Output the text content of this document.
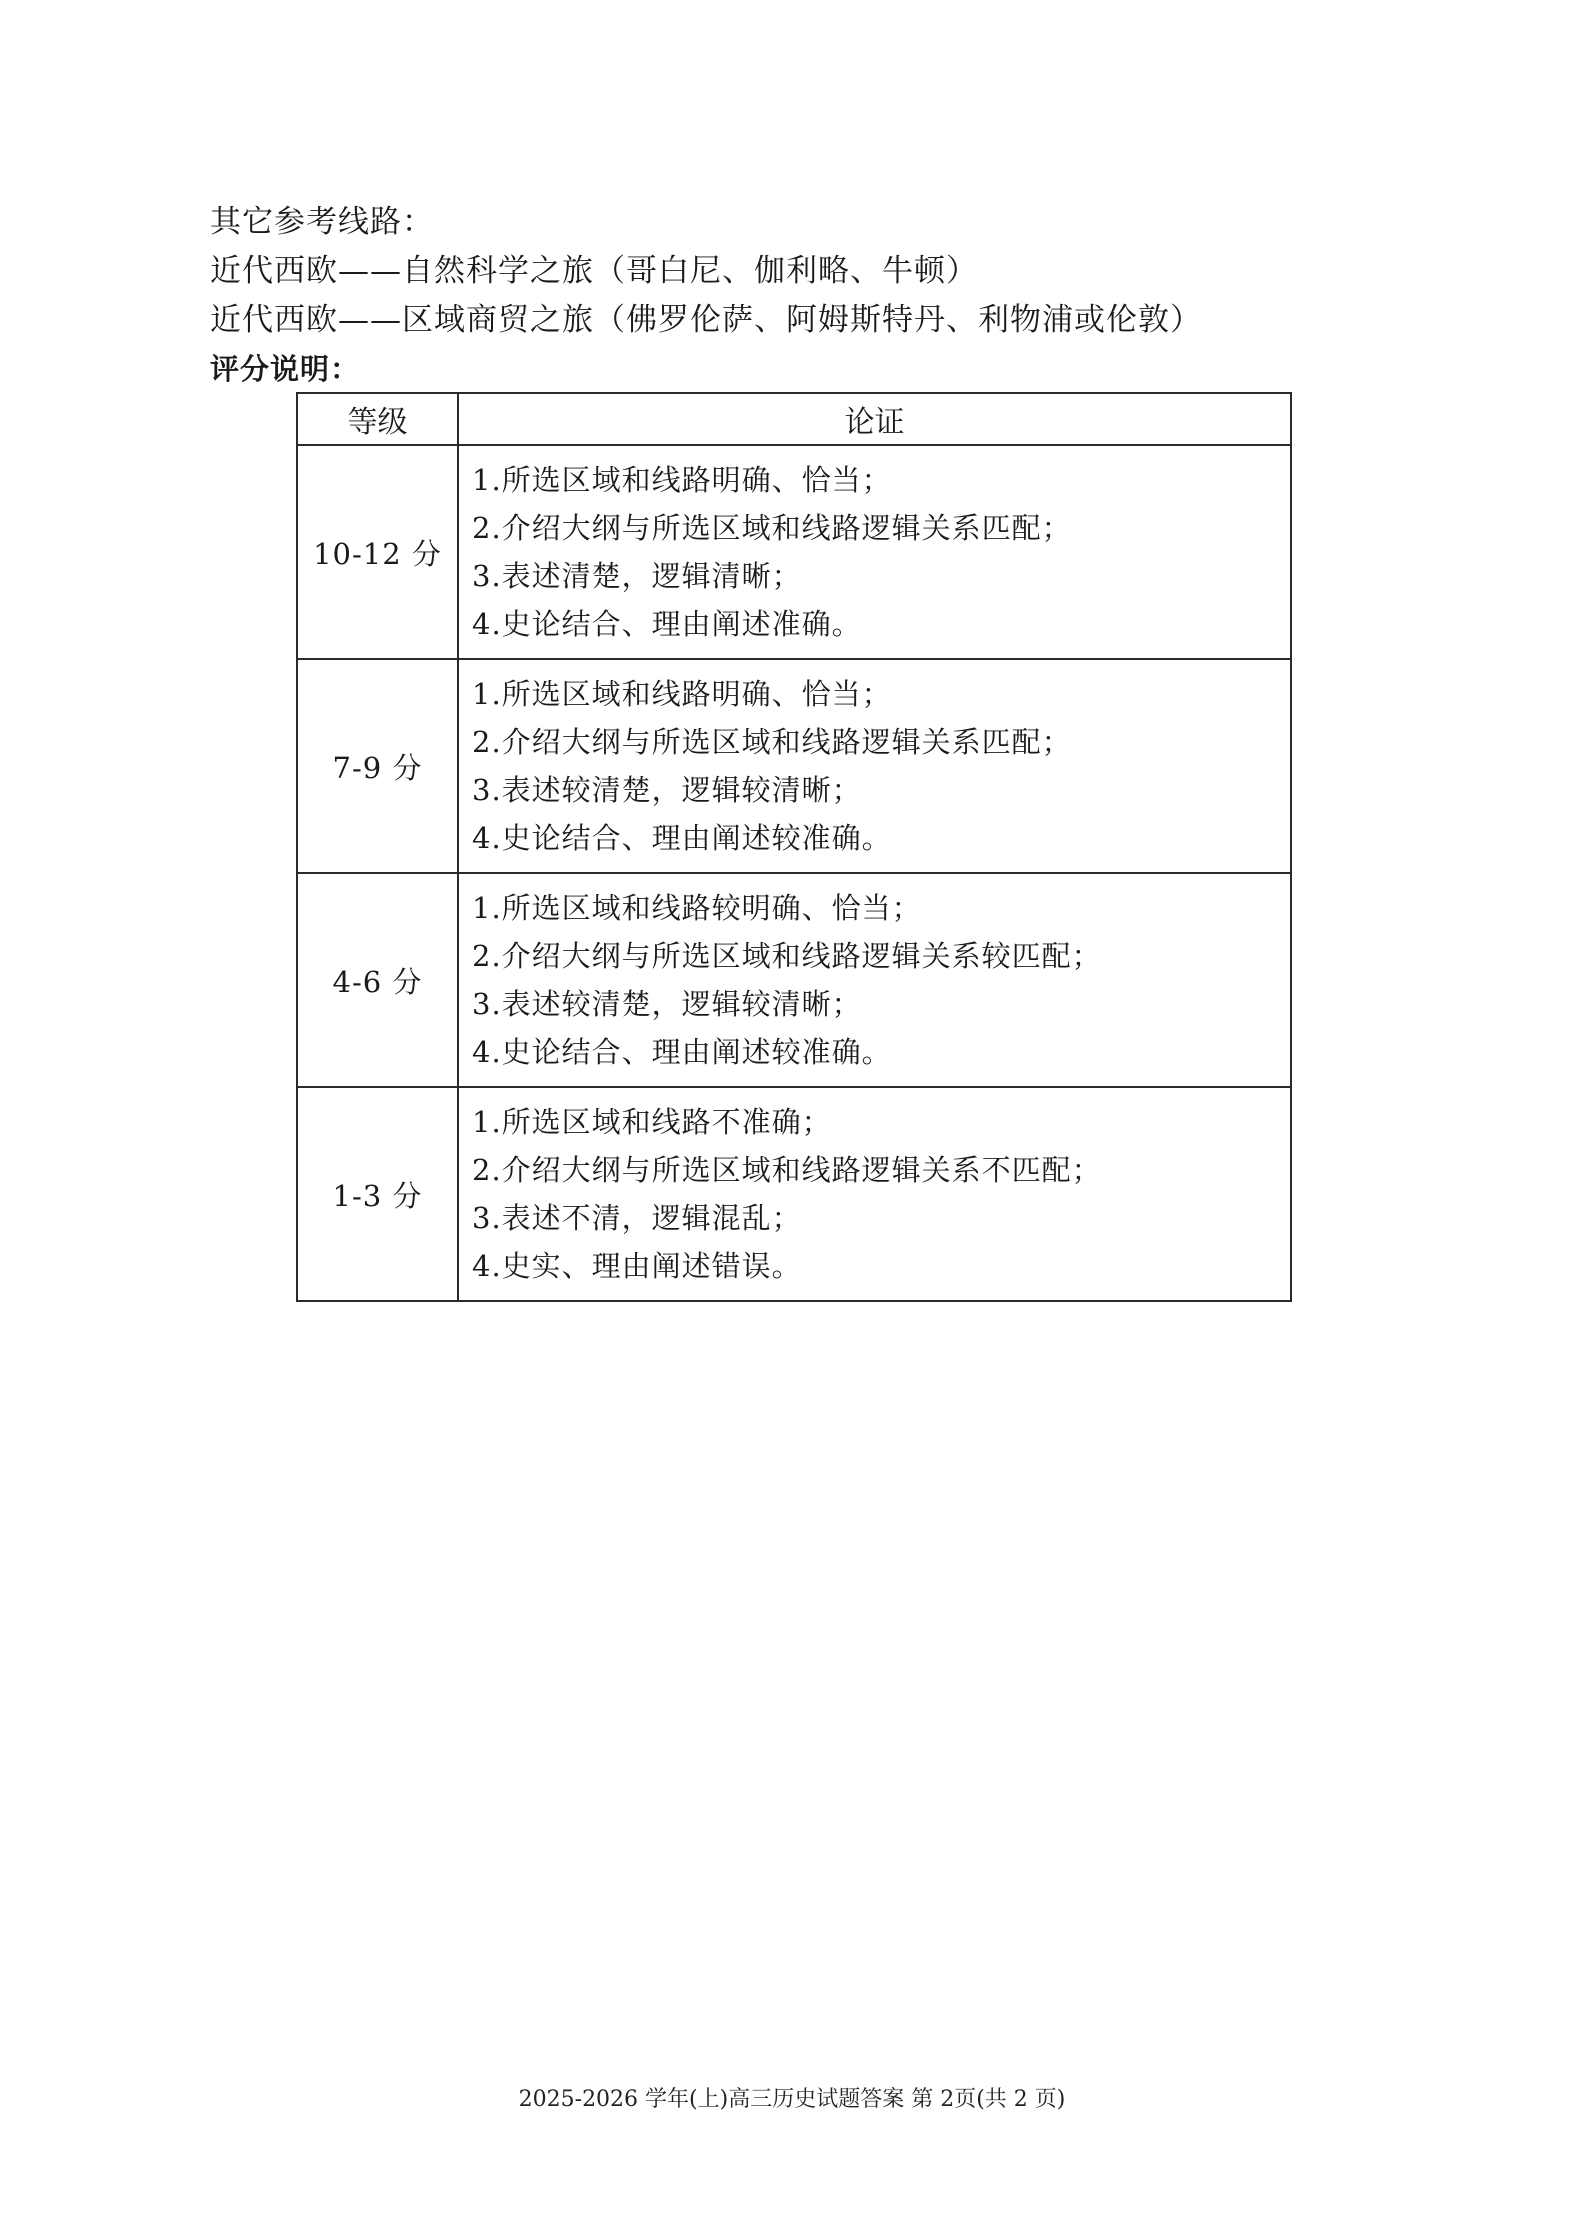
其它参考线路：
近代西欧——自然科学之旅（哥白尼、伽利略、牛顿）
近代西欧——区域商贸之旅（佛罗伦萨、阿姆斯特丹、利物浦或伦敦）
评分说明：
等级	论证
10-12 分	1.所选区域和线路明确、恰当；
2.介绍大纲与所选区域和线路逻辑关系匹配；
3.表述清楚，逻辑清晰；
4.史论结合、理由阐述准确。

7-9 分	1.所选区域和线路明确、恰当；
2.介绍大纲与所选区域和线路逻辑关系匹配；
3.表述较清楚，逻辑较清晰；
4.史论结合、理由阐述较准确。

4-6 分	1.所选区域和线路较明确、恰当；
2.介绍大纲与所选区域和线路逻辑关系较匹配；
3.表述较清楚，逻辑较清晰；
4.史论结合、理由阐述较准确。

1-3 分	1.所选区域和线路不准确；
2.介绍大纲与所选区域和线路逻辑关系不匹配；
3.表述不清，逻辑混乱；
4.史实、理由阐述错误。
2025-2026 学年(上)高三历史试题答案 第 2页(共 2 页)
